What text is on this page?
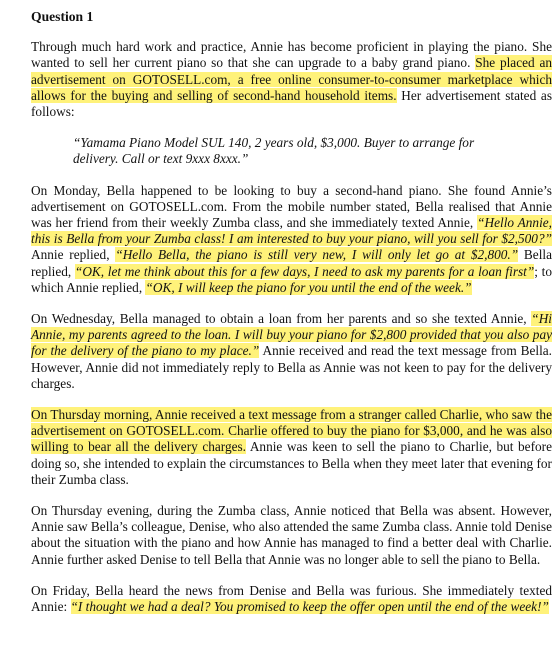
Question 1

Through much hard work and practice, Annie has become proficient in playing the piano. She wanted to sell her current piano so that she can upgrade to a baby grand piano. She placed an advertisement on GOTOSELL.com, a free online consumer-to-consumer marketplace which allows for the buying and selling of second-hand household items. Her advertisement stated as follows:

“Yamama Piano Model SUL 140, 2 years old, $3,000. Buyer to arrange for delivery. Call or text 9xxx 8xxx.”

On Monday, Bella happened to be looking to buy a second-hand piano. She found Annie’s advertisement on GOTOSELL.com. From the mobile number stated, Bella realised that Annie was her friend from their weekly Zumba class, and she immediately texted Annie, “Hello Annie, this is Bella from your Zumba class! I am interested to buy your piano, will you sell for $2,500?” Annie replied, “Hello Bella, the piano is still very new, I will only let go at $2,800.” Bella replied, “OK, let me think about this for a few days, I need to ask my parents for a loan first”; to which Annie replied, “OK, I will keep the piano for you until the end of the week.”

On Wednesday, Bella managed to obtain a loan from her parents and so she texted Annie, “Hi Annie, my parents agreed to the loan. I will buy your piano for $2,800 provided that you also pay for the delivery of the piano to my place.” Annie received and read the text message from Bella. However, Annie did not immediately reply to Bella as Annie was not keen to pay for the delivery charges.

On Thursday morning, Annie received a text message from a stranger called Charlie, who saw the advertisement on GOTOSELL.com. Charlie offered to buy the piano for $3,000, and he was also willing to bear all the delivery charges. Annie was keen to sell the piano to Charlie, but before doing so, she intended to explain the circumstances to Bella when they meet later that evening for their Zumba class.

On Thursday evening, during the Zumba class, Annie noticed that Bella was absent. However, Annie saw Bella’s colleague, Denise, who also attended the same Zumba class. Annie told Denise about the situation with the piano and how Annie has managed to find a better deal with Charlie. Annie further asked Denise to tell Bella that Annie was no longer able to sell the piano to Bella.

On Friday, Bella heard the news from Denise and Bella was furious. She immediately texted Annie: “I thought we had a deal? You promised to keep the offer open until the end of the week!”
